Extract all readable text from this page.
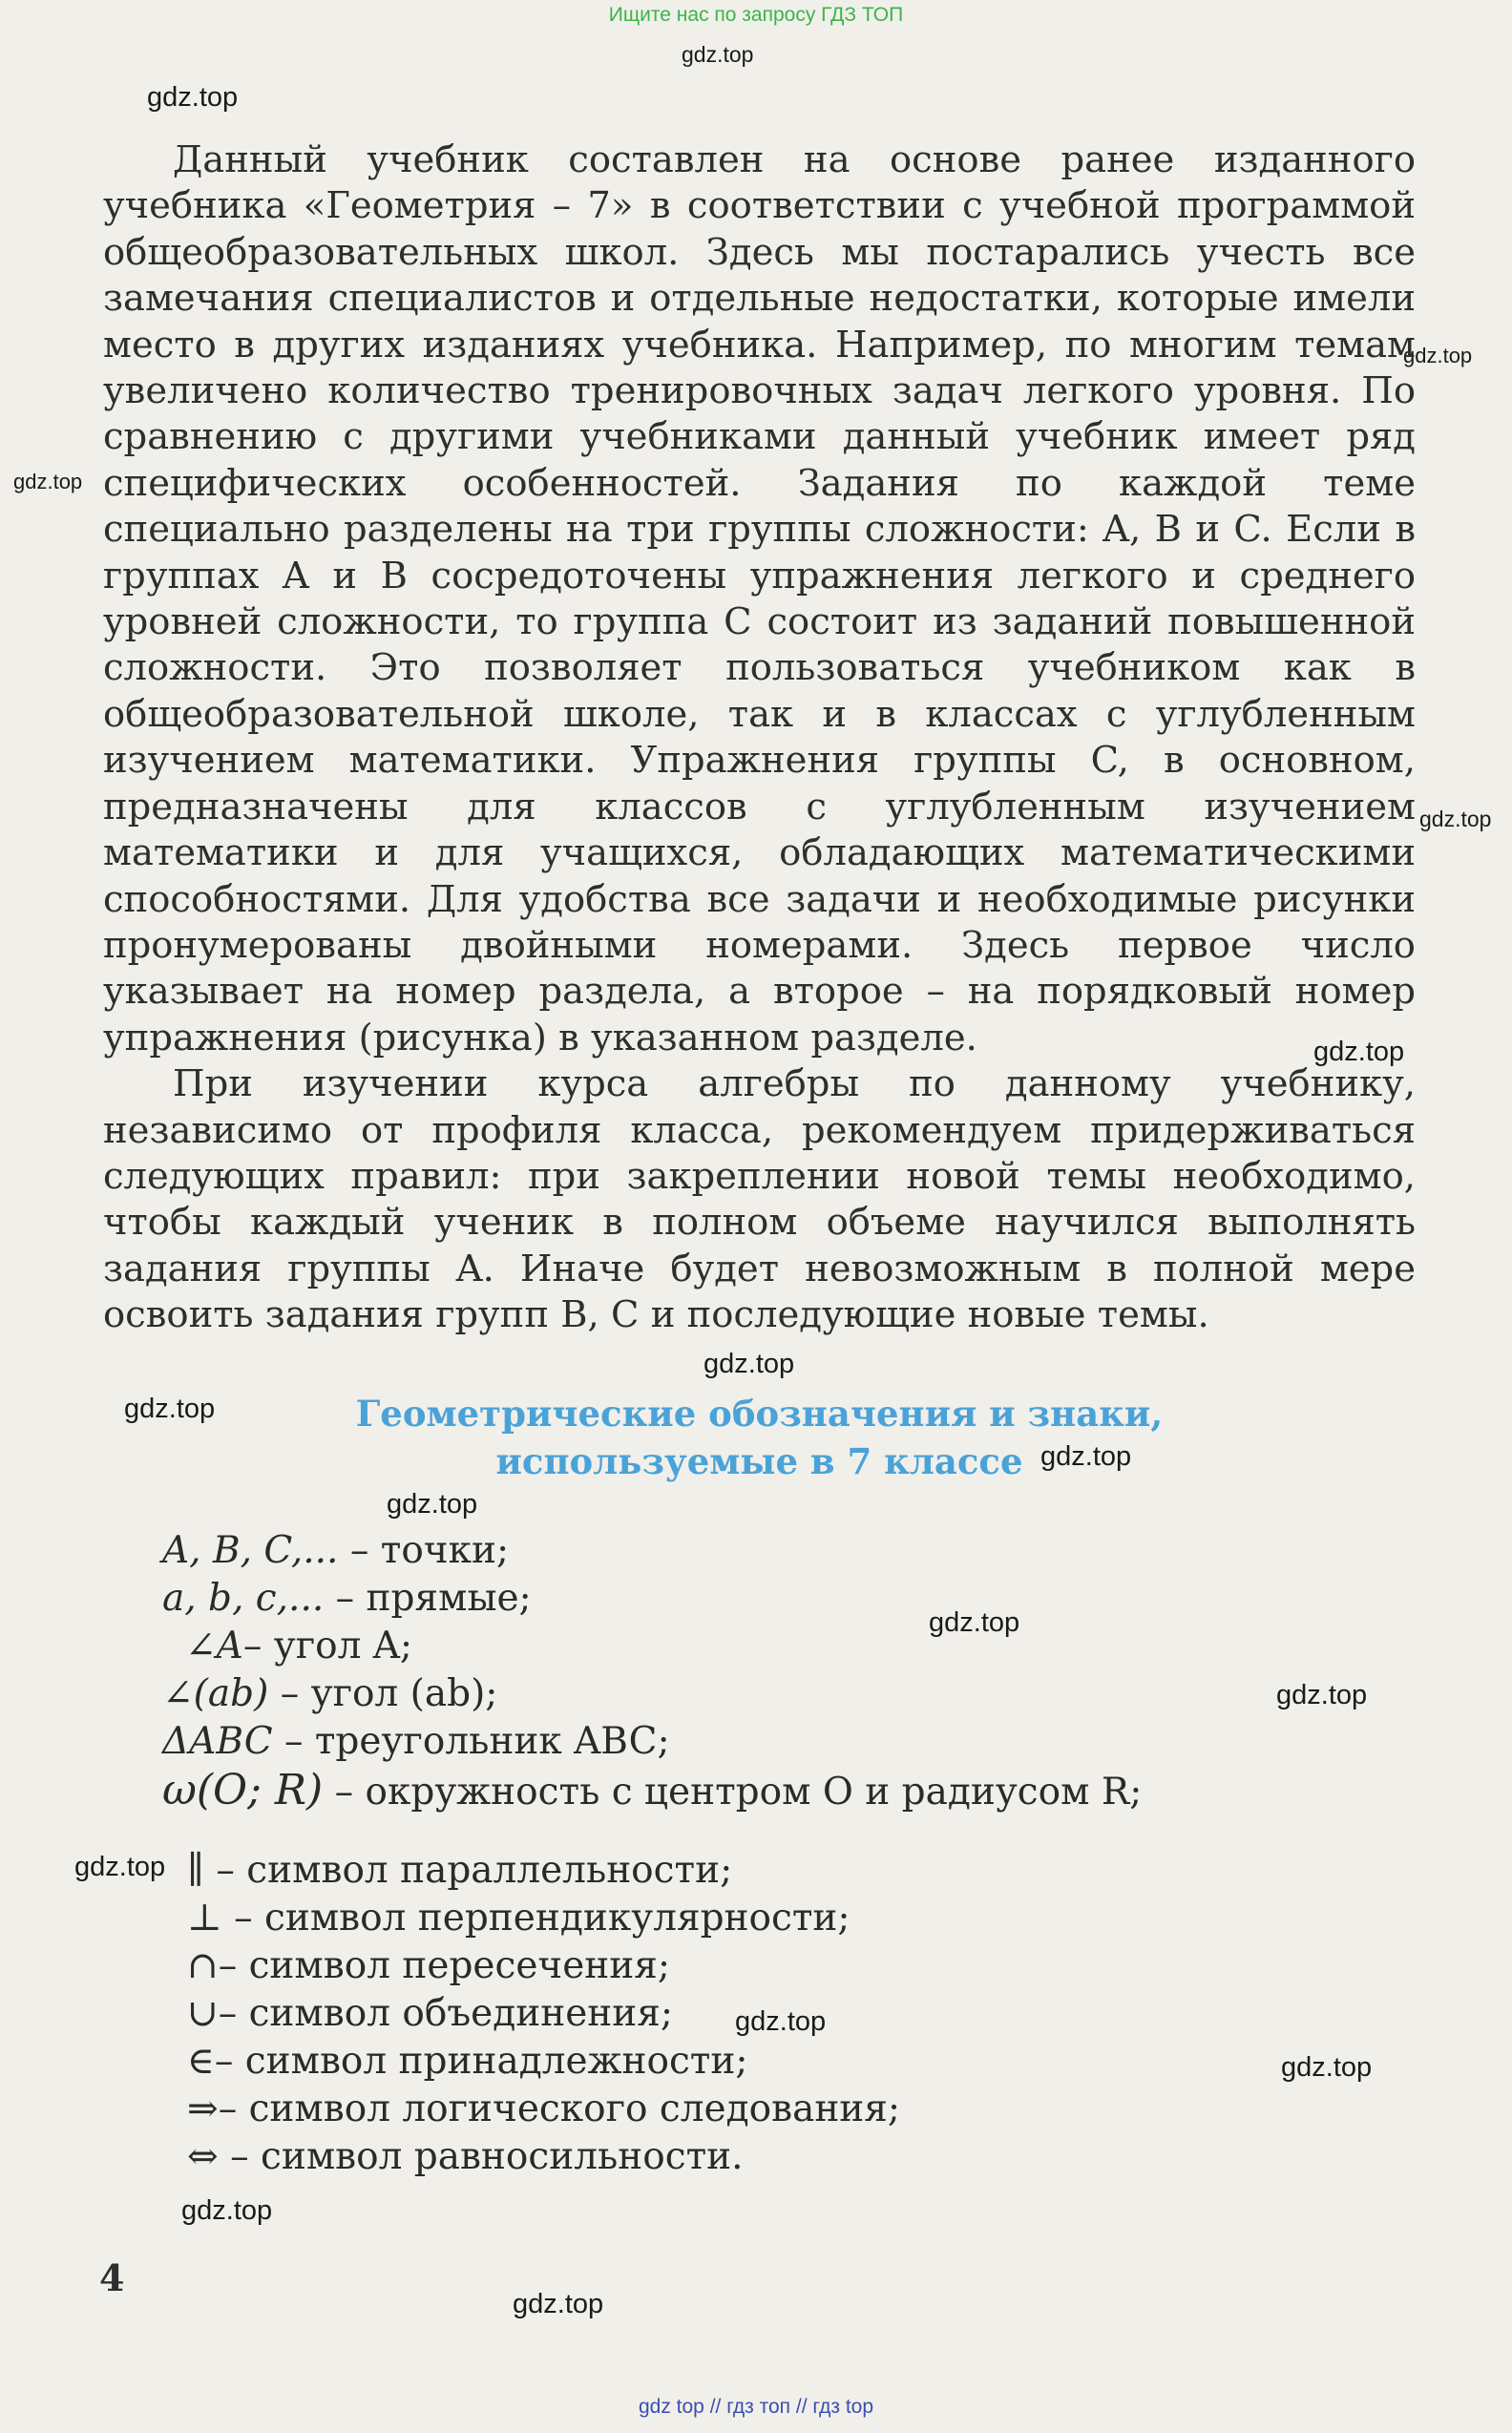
Ищите нас по запросу ГДЗ ТОП
gdz.top
gdz.top
gdz.top
gdz.top
gdz.top
gdz.top
gdz.top
gdz.top
gdz.top
gdz.top
gdz.top
gdz.top
gdz.top
gdz.top
gdz.top
gdz.top
gdz.top

Данный учебник составлен на основе ранее изданного учебника «Геометрия – 7» в соответствии с учебной программой общеобразовательных школ. Здесь мы постарались учесть все замечания специалистов и отдельные недостатки, которые имели место в других изданиях учебника. Например, по многим темам увеличено количество тренировочных задач легкого уровня. По сравнению с другими учебниками данный учебник имеет ряд специфических особенностей. Задания по каждой теме специально разделены на три группы сложности: A, B и C. Если в группах A и B сосредоточены упражнения легкого и среднего уровней сложности, то группа C состоит из заданий повышенной сложности. Это позволяет пользоваться учебником как в общеобразовательной школе, так и в классах с углубленным изучением математики. Упражнения группы C, в основном, предназначены для классов с углубленным изучением математики и для учащихся, обладающих математическими способностями. Для удобства все задачи и необходимые рисунки пронумерованы двойными номерами. Здесь первое число указывает на номер раздела, а второе – на порядковый номер упражнения (рисунка) в указанном разделе.

При изучении курса алгебры по данному учебнику, независимо от профиля класса, рекомендуем придерживаться следующих правил: при закреплении новой темы необходимо, чтобы каждый ученик в полном объеме научился выполнять задания группы A. Иначе будет невозможным в полной мере освоить задания групп B, C и последующие новые темы.

Геометрические обозначения и знаки,
используемые в 7 классе
A, B, C,... – точки;
a, b, c,... – прямые;
∠A– угол A;
∠(ab) – угол (ab);
ΔABC – треугольник ABC;
ω(O; R) – окружность с центром O и радиусом R;
∥ – символ параллельности;
⊥ – символ перпендикулярности;
∩– символ пересечения;
∪– символ объединения;
∈– символ принадлежности;
⇒– символ логического следования;
⇔ – символ равносильности.
4
gdz top // гдз топ // гдз top
